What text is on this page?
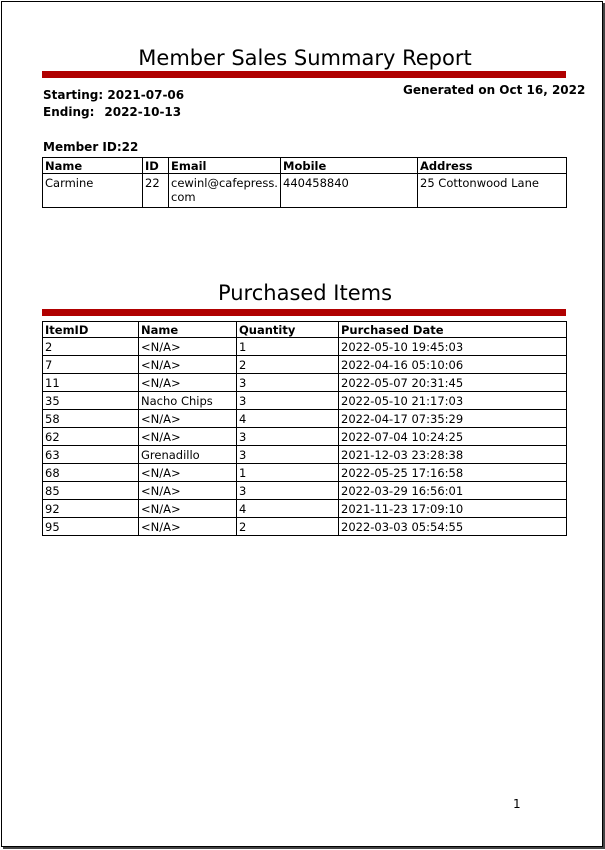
Member Sales Summary Report
Starting: 2021-07-06
Ending: 2022-10-13
Generated on Oct 16, 2022
Member ID:22
Name	ID	Email	Mobile	Address
Carmine	22	cewinl@cafepress.com	440458840	25 Cottonwood Lane
Purchased Items
ItemID	Name	Quantity	Purchased Date
2	<N/A>	1	2022-05-10 19:45:03
7	<N/A>	2	2022-04-16 05:10:06
11	<N/A>	3	2022-05-07 20:31:45
35	Nacho Chips	3	2022-05-10 21:17:03
58	<N/A>	4	2022-04-17 07:35:29
62	<N/A>	3	2022-07-04 10:24:25
63	Grenadillo	3	2021-12-03 23:28:38
68	<N/A>	1	2022-05-25 17:16:58
85	<N/A>	3	2022-03-29 16:56:01
92	<N/A>	4	2021-11-23 17:09:10
95	<N/A>	2	2022-03-03 05:54:55
1
